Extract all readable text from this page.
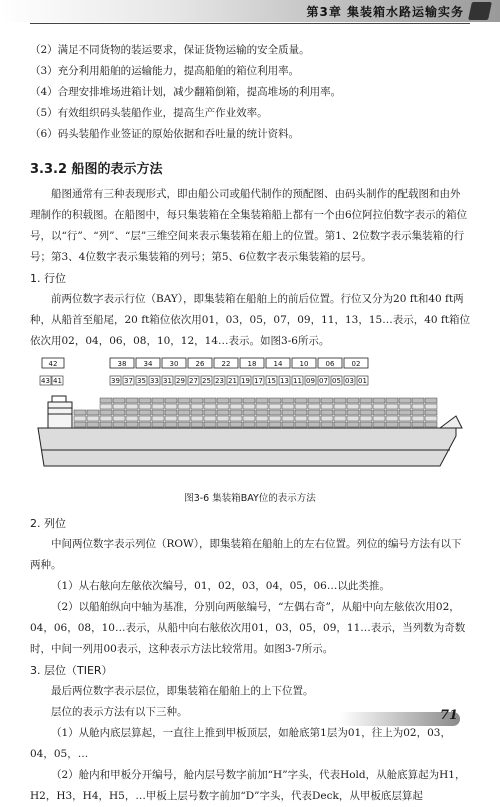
第3章 集装箱水路运输实务

（2）满足不同货物的装运要求，保证货物运输的安全质量。

（3）充分利用船舶的运输能力，提高船舶的箱位利用率。

（4）合理安排堆场进箱计划，减少翻箱倒箱，提高堆场的利用率。

（5）有效组织码头装船作业，提高生产作业效率。

（6）码头装船作业签证的原始依据和吞吐量的统计资料。

3.3.2 船图的表示方法

船图通常有三种表现形式，即由船公司或船代制作的预配图、由码头制作的配载图和由外理制作的积载图。在船图中，每只集装箱在全集装箱船上都有一个由6位阿拉伯数字表示的箱位号，以“行”、“列”、“层”三维空间来表示集装箱在船上的位置。第1、2位数字表示集装箱的行号；第3、4位数字表示集装箱的列号；第5、6位数字表示集装箱的层号。

1. 行位

前两位数字表示行位（BAY），即集装箱在船舶上的前后位置。行位又分为20 ft和40 ft两种，从船首至船尾，20 ft箱位依次用01，03，05，07，09，11，13，15…表示，40 ft箱位依次用02，04，06，08，10，12，14…表示。如图3-6所示。

42	38 34 30 26 22 18 14 10 06 02
43 41	39 37 35 33 31 29 27 25 23 21 19 17 15 13 11 09 07 05 03 01
图3-6 集装箱BAY位的表示方法

2. 列位

中间两位数字表示列位（ROW），即集装箱在船舶上的左右位置。列位的编号方法有以下两种。

（1）从右舷向左舷依次编号，01，02，03，04，05，06…以此类推。

（2）以船舶纵向中轴为基准，分别向两舷编号，“左偶右奇”，从船中向左舷依次用02，04，06，08，10…表示，从船中向右舷依次用01，03，05，09，11…表示，当列数为奇数时，中间一列用00表示，这种表示方法比较常用。如图3-7所示。

3. 层位（TIER）

最后两位数字表示层位，即集装箱在船舶上的上下位置。

层位的表示方法有以下三种。

（1）从舱内底层算起，一直往上推到甲板顶层，如舱底第1层为01，往上为02，03，04，05，…

（2）舱内和甲板分开编号，舱内层号数字前加“H”字头，代表Hold，从舱底算起为H1，H2，H3，H4，H5，…甲板上层号数字前加“D”字头，代表Deck，从甲板底层算起

71
